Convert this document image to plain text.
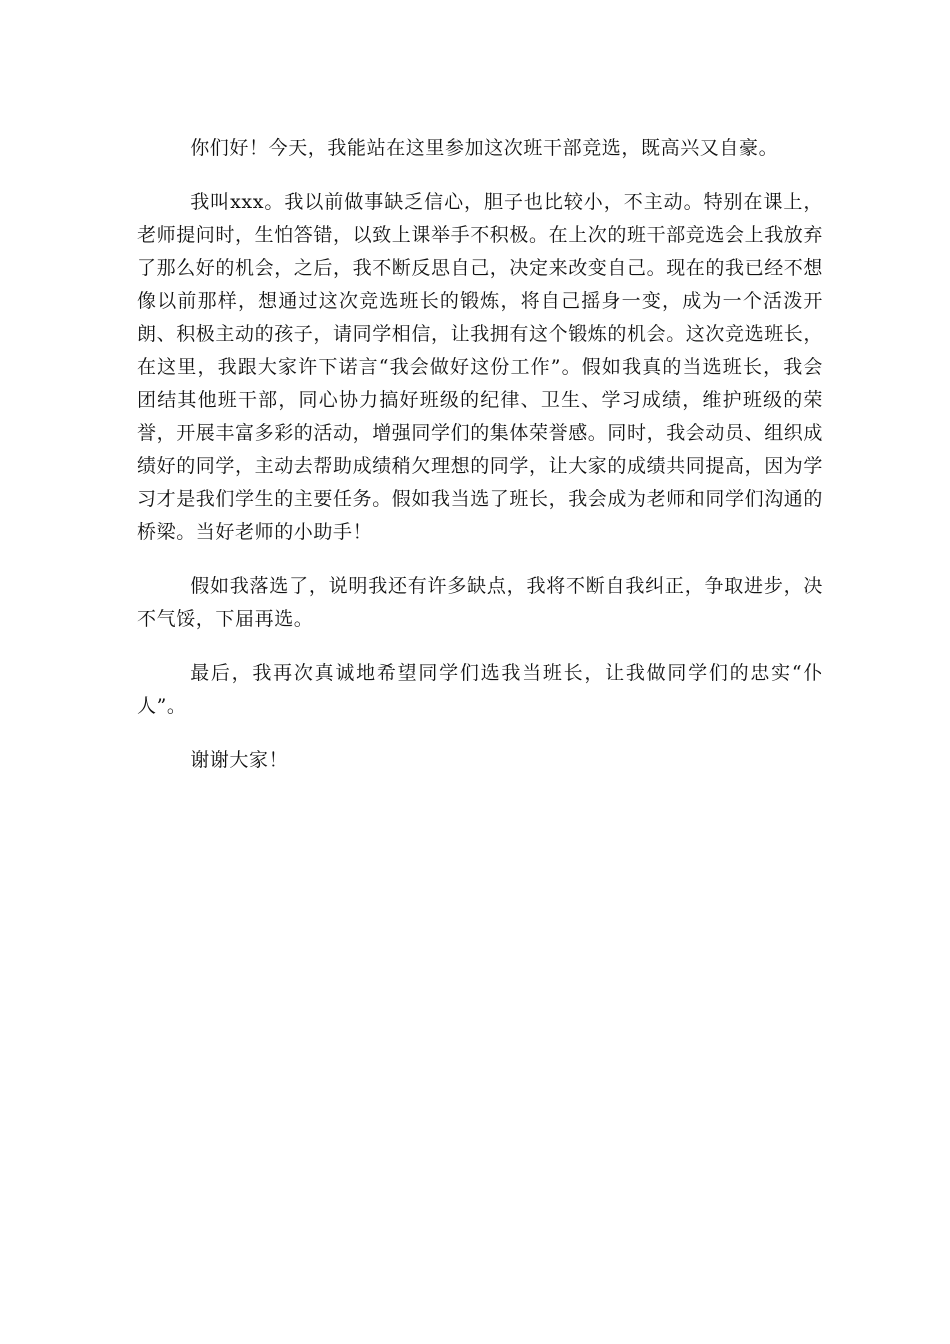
你们好！今天，我能站在这里参加这次班干部竞选，既高兴又自豪。

我叫xxx。我以前做事缺乏信心，胆子也比较小，不主动。特别在课上，老师提问时，生怕答错，以致上课举手不积极。在上次的班干部竞选会上我放弃了那么好的机会，之后，我不断反思自己，决定来改变自己。现在的我已经不想像以前那样，想通过这次竞选班长的锻炼，将自己摇身一变，成为一个活泼开朗、积极主动的孩子，请同学相信，让我拥有这个锻炼的机会。这次竞选班长，在这里，我跟大家许下诺言“我会做好这份工作”。假如我真的当选班长，我会团结其他班干部，同心协力搞好班级的纪律、卫生、学习成绩，维护班级的荣誉，开展丰富多彩的活动，增强同学们的集体荣誉感。同时，我会动员、组织成绩好的同学，主动去帮助成绩稍欠理想的同学，让大家的成绩共同提高，因为学习才是我们学生的主要任务。假如我当选了班长，我会成为老师和同学们沟通的桥梁。当好老师的小助手！

假如我落选了，说明我还有许多缺点，我将不断自我纠正，争取进步，决不气馁，下届再选。

最后，我再次真诚地希望同学们选我当班长，让我做同学们的忠实“仆人”。

谢谢大家！
